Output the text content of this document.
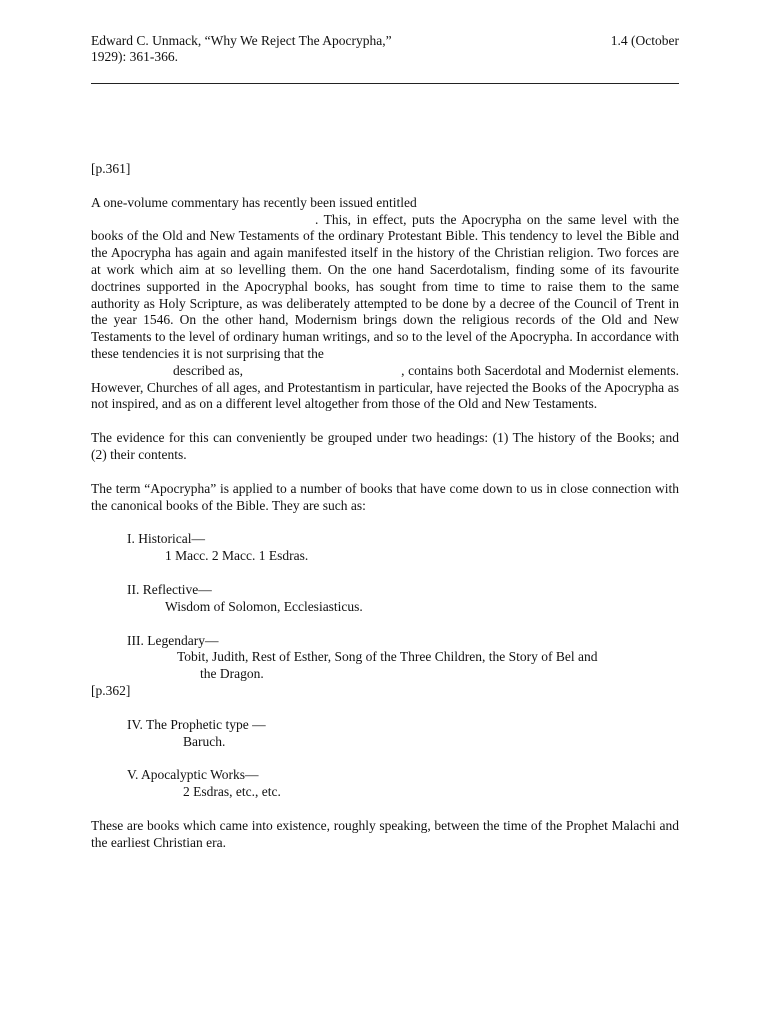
Edward C. Unmack, “Why We Reject The Apocrypha,”	1.4 (October
1929): 361-366.
[p.361]

A one-volume commentary has recently been issued entitled

. This, in effect, puts the Apocrypha on the same level with the books of the Old and New Testaments of the ordinary Protestant Bible. This tendency to level the Bible and the Apocrypha has again and again manifested itself in the history of the Christian religion. Two forces are at work which aim at so levelling them. On the one hand Sacerdotalism, finding some of its favourite doctrines supported in the Apocryphal books, has sought from time to time to raise them to the same authority as Holy Scripture, as was deliberately attempted to be done by a decree of the Council of Trent in the year 1546. On the other hand, Modernism brings down the religious records of the Old and New Testaments to the level of ordinary human writings, and so to the level of the Apocrypha. In accordance with these tendencies it is not surprising that the

described as,	, contains both Sacerdotal and Modernist elements. However, Churches of all ages, and Protestantism in particular, have rejected the Books of the Apocrypha as not inspired, and as on a different level altogether from those of the Old and New Testaments.

The evidence for this can conveniently be grouped under two headings: (1) The history of the Books; and (2) their contents.

The term “Apocrypha” is applied to a number of books that have come down to us in close connection with the canonical books of the Bible. They are such as:

I. Historical—
1 Macc. 2 Macc. 1 Esdras.
II. Reflective—
Wisdom of Solomon, Ecclesiasticus.
III. Legendary—
Tobit, Judith, Rest of Esther, Song of the Three Children, the Story of Bel and
the Dragon.
[p.362]
IV. The Prophetic type —
Baruch.
V. Apocalyptic Works—
2 Esdras, etc., etc.

These are books which came into existence, roughly speaking, between the time of the Prophet Malachi and the earliest Christian era.
